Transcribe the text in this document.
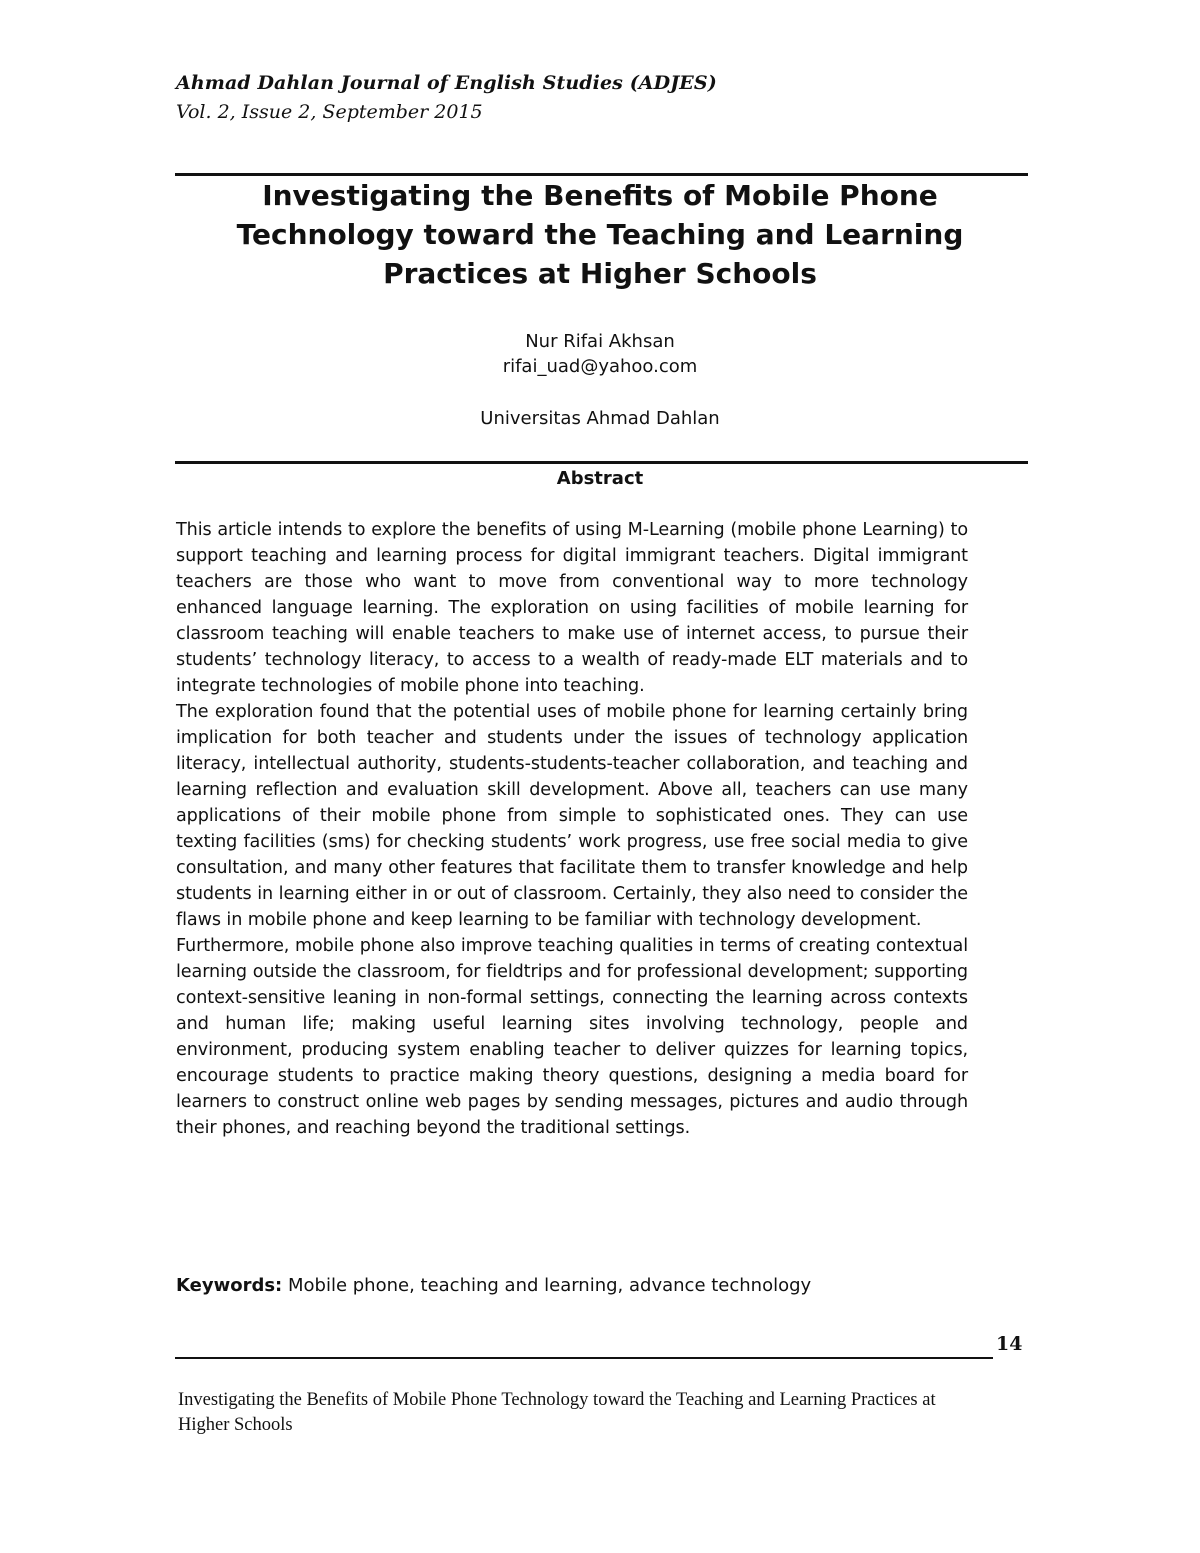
Ahmad Dahlan Journal of English Studies (ADJES)
Vol. 2, Issue 2, September 2015
Investigating the Benefits of Mobile Phone Technology toward the Teaching and Learning Practices at Higher Schools
Nur Rifai Akhsan
rifai_uad@yahoo.com
Universitas Ahmad Dahlan
Abstract

This article intends to explore the benefits of using M-Learning (mobile phone Learning) to support teaching and learning process for digital immigrant teachers. Digital immigrant teachers are those who want to move from conventional way to more technology enhanced language learning. The exploration on using facilities of mobile learning for classroom teaching will enable teachers to make use of internet access, to pursue their students’ technology literacy, to access to a wealth of ready-made ELT materials and to integrate technologies of mobile phone into teaching.

The exploration found that the potential uses of mobile phone for learning certainly bring implication for both teacher and students under the issues of technology application literacy, intellectual authority, students-students-teacher collaboration, and teaching and learning reflection and evaluation skill development. Above all, teachers can use many applications of their mobile phone from simple to sophisticated ones. They can use texting facilities (sms) for checking students’ work progress, use free social media to give consultation, and many other features that facilitate them to transfer knowledge and help students in learning either in or out of classroom. Certainly, they also need to consider the flaws in mobile phone and keep learning to be familiar with technology development.

Furthermore, mobile phone also improve teaching qualities in terms of creating contextual learning outside the classroom, for fieldtrips and for professional development; supporting context-sensitive leaning in non-formal settings, connecting the learning across contexts and human life; making useful learning sites involving technology, people and environment, producing system enabling teacher to deliver quizzes for learning topics, encourage students to practice making theory questions, designing a media board for learners to construct online web pages by sending messages, pictures and audio through their phones, and reaching beyond the traditional settings.

Keywords: Mobile phone, teaching and learning, advance technology
14
Investigating the Benefits of Mobile Phone Technology toward the Teaching and Learning Practices at Higher Schools
